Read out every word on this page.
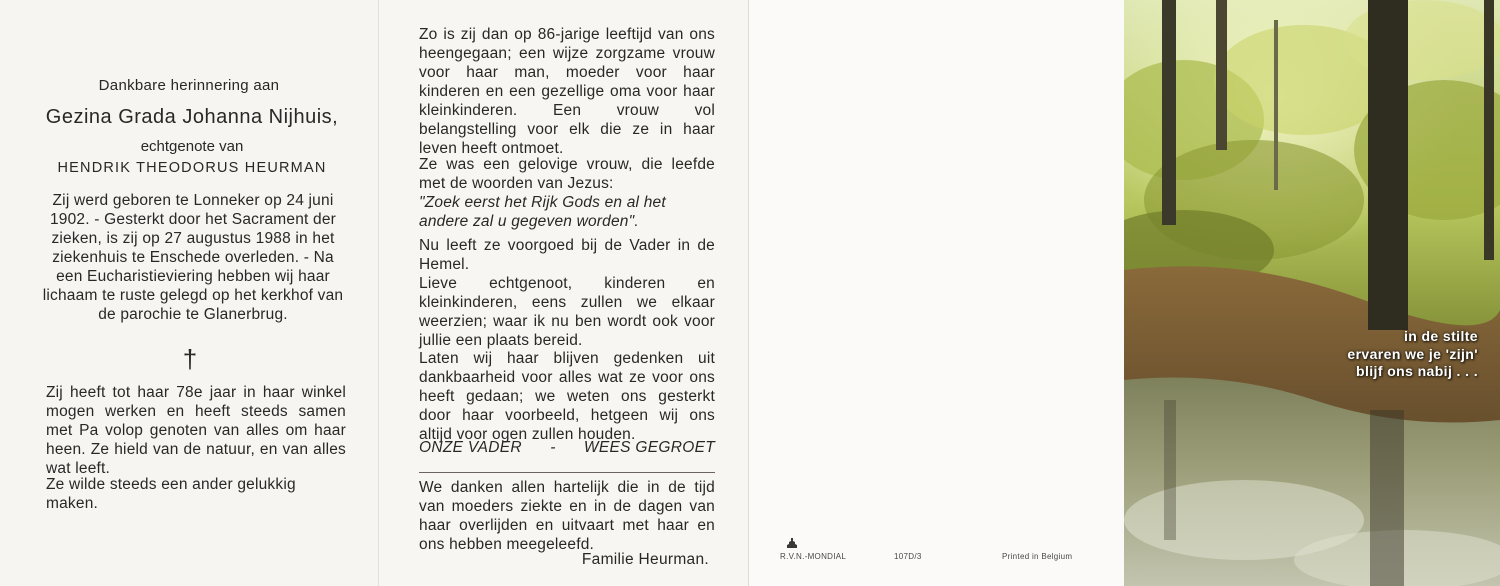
Dankbare herinnering aan
Gezina Grada Johanna Nijhuis,
echtgenote van
HENDRIK THEODORUS HEURMAN
Zij werd geboren te Lonneker op 24 juni 1902. - Gesterkt door het Sacrament der zieken, is zij op 27 augustus 1988 in het ziekenhuis te Enschede overleden. - Na een Eucharistieviering hebben wij haar lichaam te ruste gelegd op het kerkhof van de parochie te Glanerbrug.
†
Zij heeft tot haar 78e jaar in haar winkel mogen werken en heeft steeds samen met Pa volop genoten van alles om haar heen. Ze hield van de natuur, en van alles wat leeft.
Ze wilde steeds een ander gelukkig maken.
Zo is zij dan op 86-jarige leeftijd van ons heengegaan; een wijze zorgzame vrouw voor haar man, moeder voor haar kinderen en een gezellige oma voor haar kleinkinderen. Een vrouw vol belangstelling voor elk die ze in haar leven heeft ontmoet.
Ze was een gelovige vrouw, die leefde met de woorden van Jezus:
"Zoek eerst het Rijk Gods en al het andere zal u gegeven worden".
Nu leeft ze voorgoed bij de Vader in de Hemel.
Lieve echtgenoot, kinderen en kleinkinderen, eens zullen we elkaar weerzien; waar ik nu ben wordt ook voor jullie een plaats bereid.
Laten wij haar blijven gedenken uit dankbaarheid voor alles wat ze voor ons heeft gedaan; we weten ons gesterkt door haar voorbeeld, hetgeen wij ons altijd voor ogen zullen houden.
ONZE VADER - WEES GEGROET
We danken allen hartelijk die in de tijd van moeders ziekte en in de dagen van haar overlijden en uitvaart met haar en ons hebben meegeleefd.
Familie Heurman.	R.V.N.-MONDIAL	107D/3	Printed in Belgium
in de stilte
ervaren we je 'zijn'
blijf ons nabij . . .
